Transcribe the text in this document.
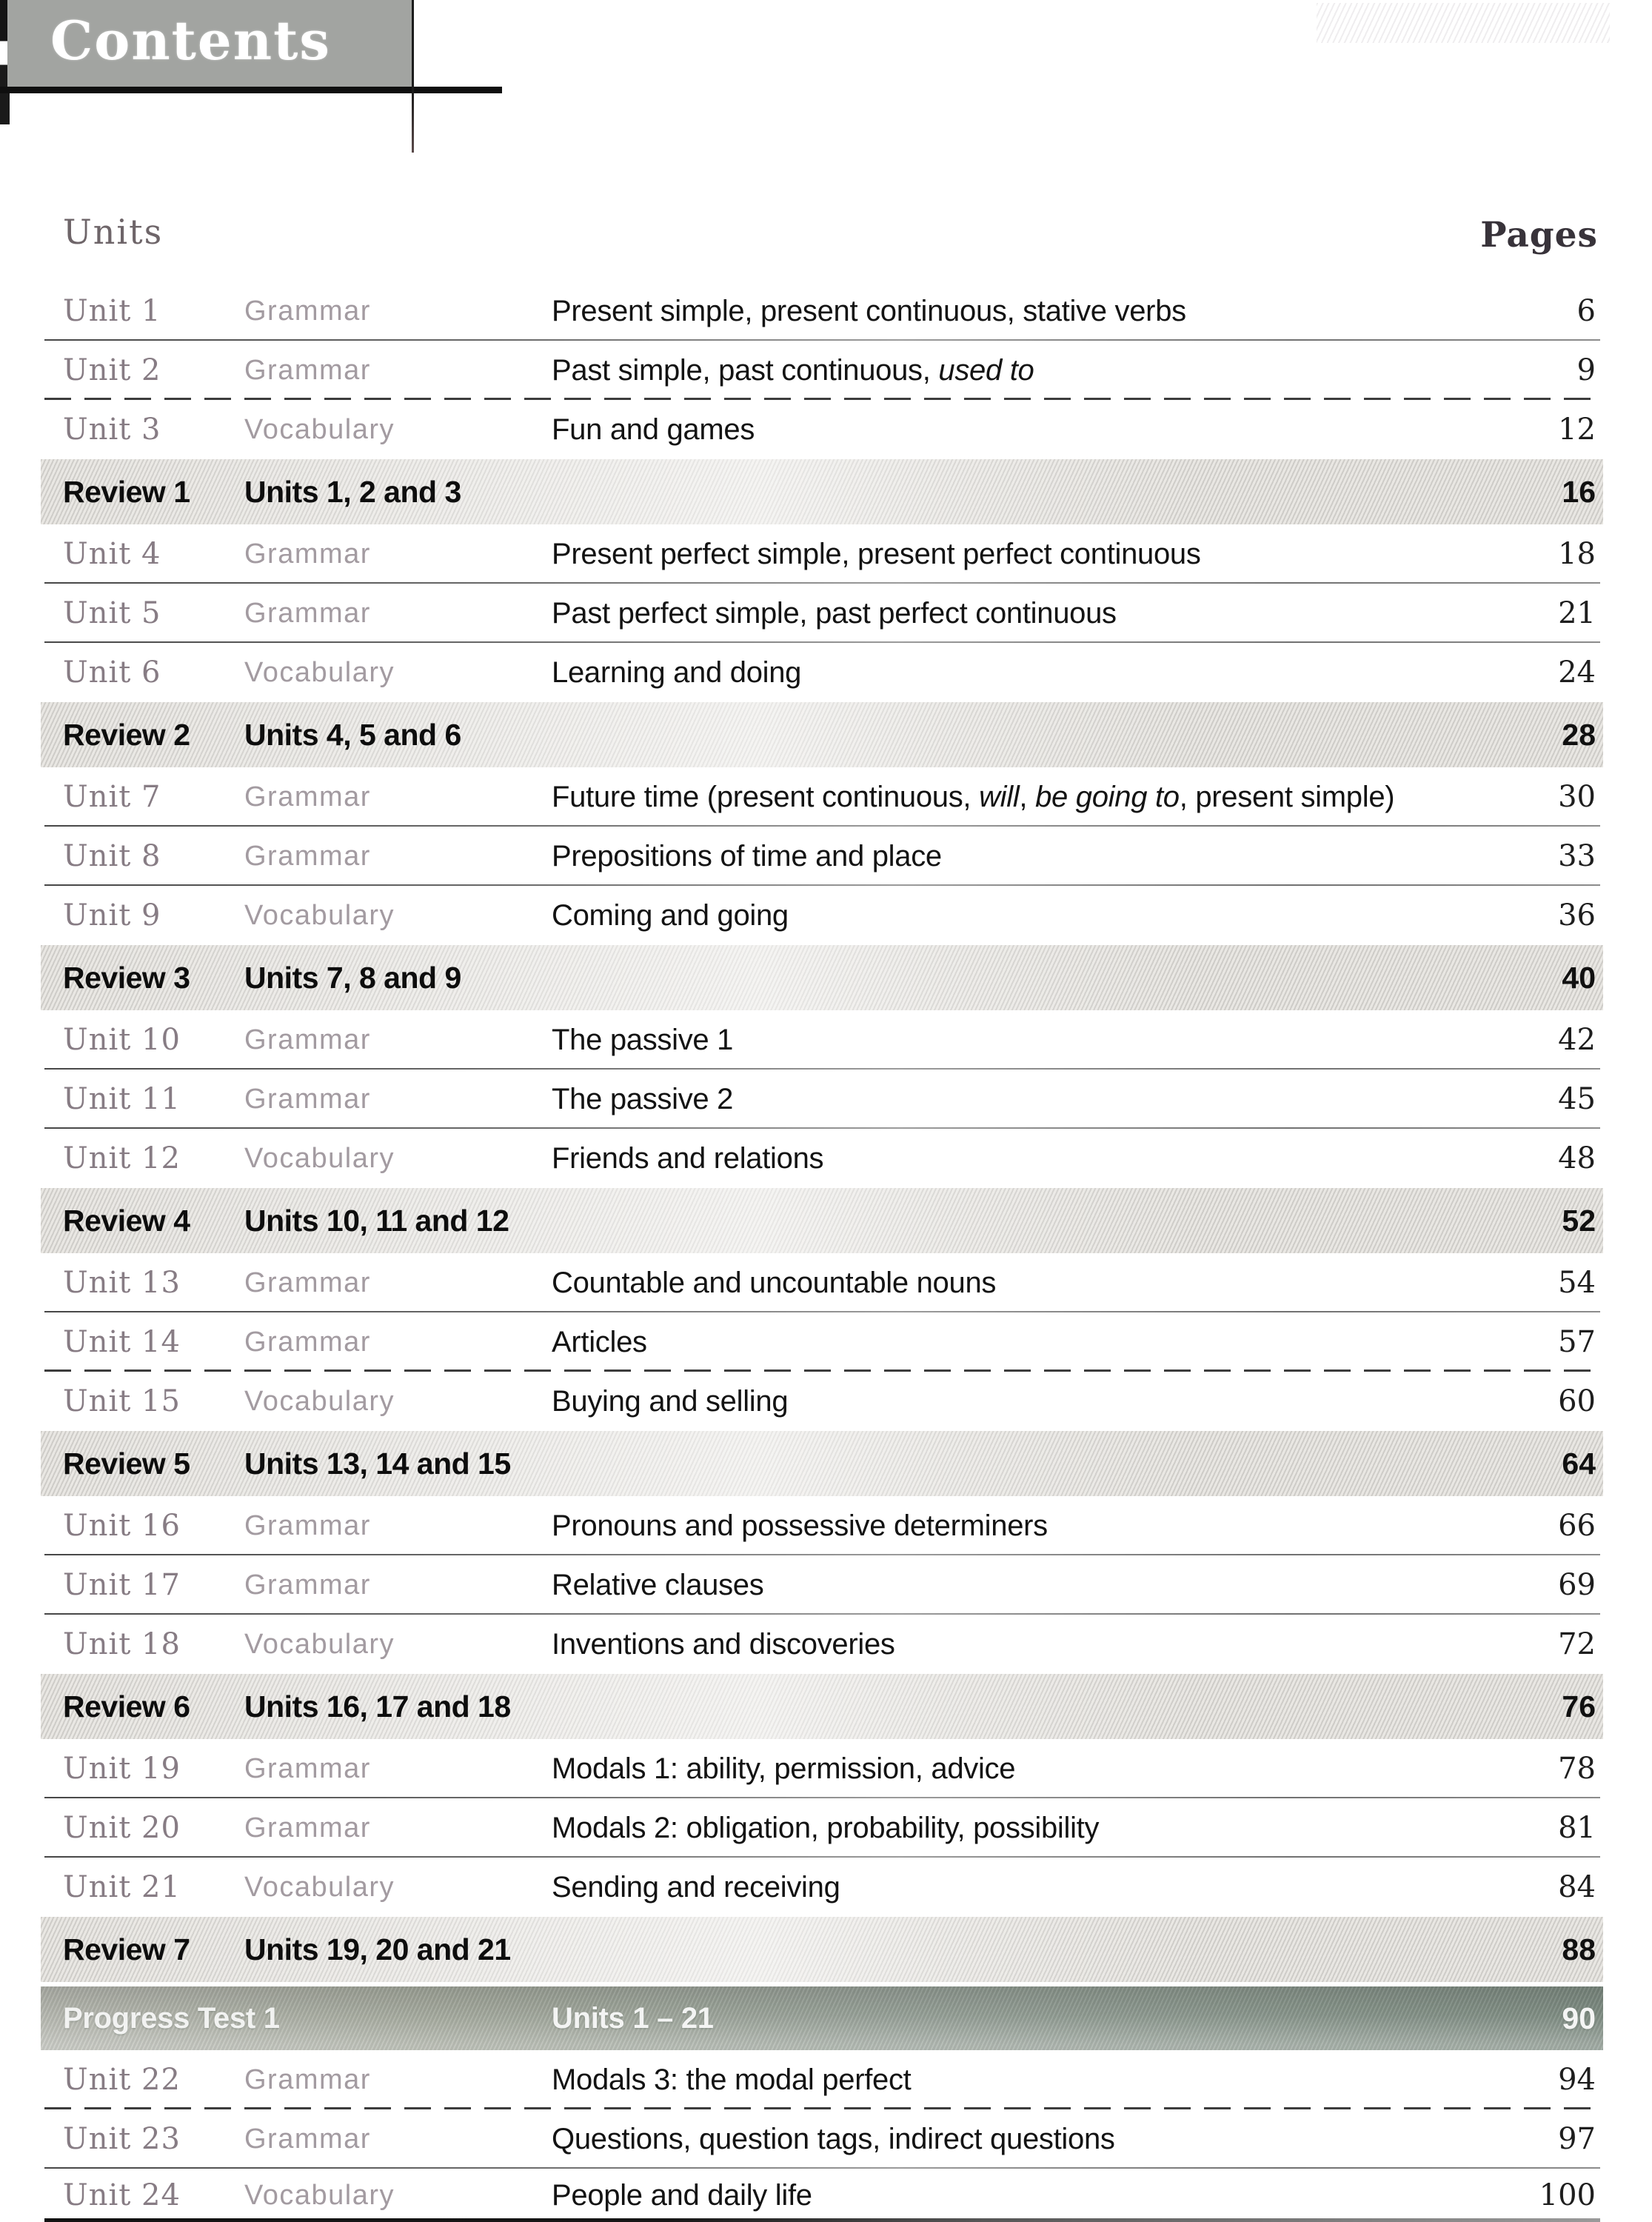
Contents
Units	Pages
Unit 1	Grammar	Present simple, present continuous, stative verbs	6
Unit 2	Grammar	Past simple, past continuous, used to	9
Unit 3	Vocabulary	Fun and games	12
Review 1	Units 1, 2 and 3	16
Unit 4	Grammar	Present perfect simple, present perfect continuous	18
Unit 5	Grammar	Past perfect simple, past perfect continuous	21
Unit 6	Vocabulary	Learning and doing	24
Review 2	Units 4, 5 and 6	28
Unit 7	Grammar	Future time (present continuous, will, be going to, present simple)	30
Unit 8	Grammar	Prepositions of time and place	33
Unit 9	Vocabulary	Coming and going	36
Review 3	Units 7, 8 and 9	40
Unit 10	Grammar	The passive 1	42
Unit 11	Grammar	The passive 2	45
Unit 12	Vocabulary	Friends and relations	48
Review 4	Units 10, 11 and 12	52
Unit 13	Grammar	Countable and uncountable nouns	54
Unit 14	Grammar	Articles	57
Unit 15	Vocabulary	Buying and selling	60
Review 5	Units 13, 14 and 15	64
Unit 16	Grammar	Pronouns and possessive determiners	66
Unit 17	Grammar	Relative clauses	69
Unit 18	Vocabulary	Inventions and discoveries	72
Review 6	Units 16, 17 and 18	76
Unit 19	Grammar	Modals 1: ability, permission, advice	78
Unit 20	Grammar	Modals 2: obligation, probability, possibility	81
Unit 21	Vocabulary	Sending and receiving	84
Review 7	Units 19, 20 and 21	88
Progress Test 1	Units 1 – 21	90
Unit 22	Grammar	Modals 3: the modal perfect	94
Unit 23	Grammar	Questions, question tags, indirect questions	97
Unit 24	Vocabulary	People and daily life	100
